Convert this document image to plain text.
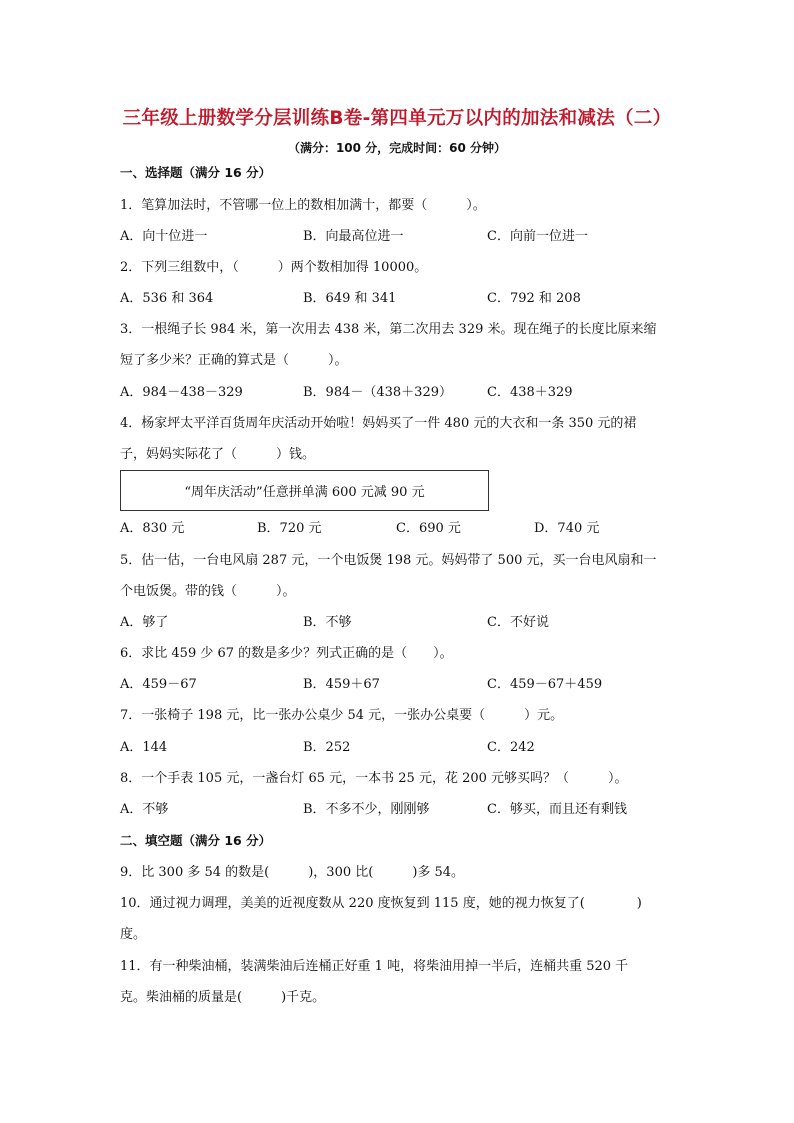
三年级上册数学分层训练B卷-第四单元万以内的加法和减法（二）
（满分：100 分，完成时间：60 分钟）
一、选择题（满分 16 分）
1．笔算加法时，不管哪一位上的数相加满十，都要（　　　）。
A．向十位进一	B．向最高位进一	C．向前一位进一
2．下列三组数中，（　　　）两个数相加得 10000。
A．536 和 364	B．649 和 341	C．792 和 208
3．一根绳子长 984 米，第一次用去 438 米，第二次用去 329 米。现在绳子的长度比原来缩
短了多少米？正确的算式是（　　　）。
A．984－438－329	B．984－（438＋329）	C．438＋329
4．杨家坪太平洋百货周年庆活动开始啦！妈妈买了一件 480 元的大衣和一条 350 元的裙
子，妈妈实际花了（　　　）钱。
“周年庆活动”任意拼单满 600 元减 90 元
A．830 元	B．720 元	C．690 元	D．740 元
5．估一估，一台电风扇 287 元，一个电饭煲 198 元。妈妈带了 500 元，买一台电风扇和一
个电饭煲。带的钱（　　　）。
A．够了	B．不够	C．不好说
6．求比 459 少 67 的数是多少？列式正确的是（　　）。
A．459－67	B．459＋67	C．459－67＋459
7．一张椅子 198 元，比一张办公桌少 54 元，一张办公桌要（　　　）元。
A．144	B．252	C．242
8．一个手表 105 元，一盏台灯 65 元，一本书 25 元，花 200 元够买吗？（　　　）。
A．不够	B．不多不少，刚刚够	C．够买，而且还有剩钱
二、填空题（满分 16 分）
9．比 300 多 54 的数是(　　　)，300 比(　　　)多 54。
10．通过视力调理，美美的近视度数从 220 度恢复到 115 度，她的视力恢复了(　　　　)
度。
11．有一种柴油桶，装满柴油后连桶正好重 1 吨，将柴油用掉一半后，连桶共重 520 千
克。柴油桶的质量是(　　　)千克。
